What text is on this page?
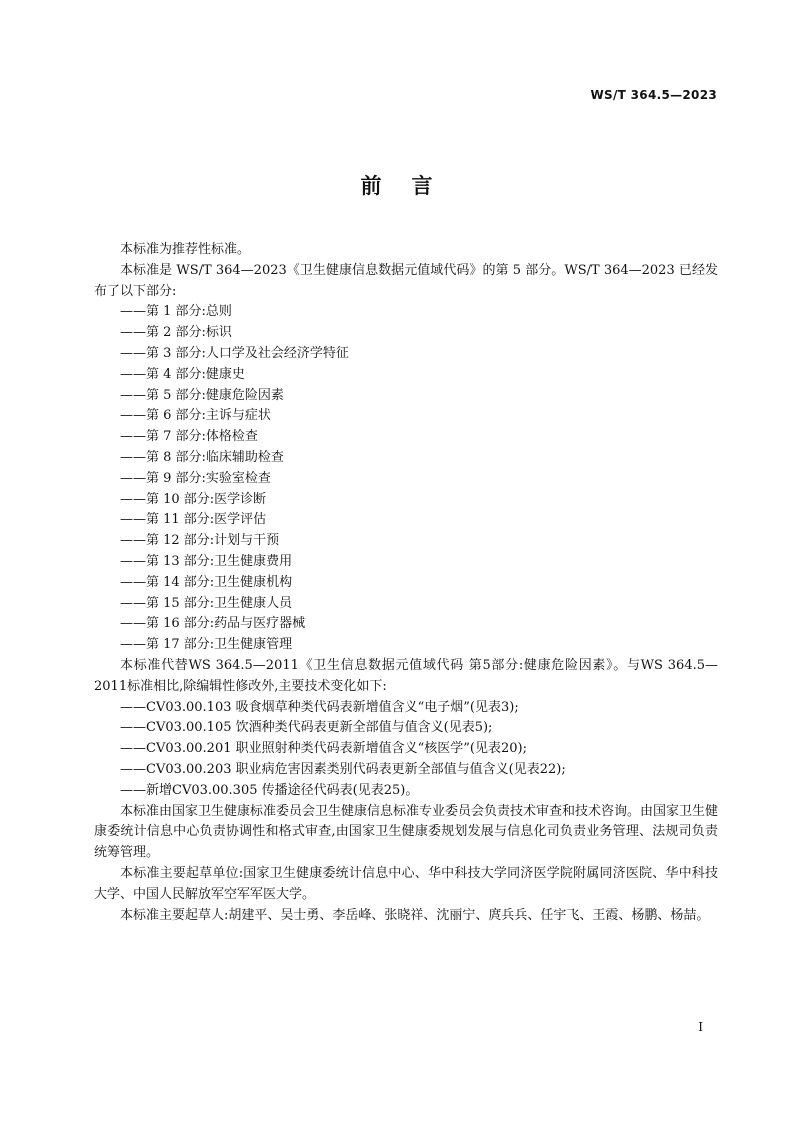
WS/T 364.5—2023
前言

本标准为推荐性标准。

本标准是 WS/T 364—2023《卫生健康信息数据元值域代码》的第 5 部分。WS/T 364—2023 已经发布了以下部分:

——第 1 部分:总则

——第 2 部分:标识

——第 3 部分:人口学及社会经济学特征

——第 4 部分:健康史

——第 5 部分:健康危险因素

——第 6 部分:主诉与症状

——第 7 部分:体格检查

——第 8 部分:临床辅助检查

——第 9 部分:实验室检查

——第 10 部分:医学诊断

——第 11 部分:医学评估

——第 12 部分:计划与干预

——第 13 部分:卫生健康费用

——第 14 部分:卫生健康机构

——第 15 部分:卫生健康人员

——第 16 部分:药品与医疗器械

——第 17 部分:卫生健康管理

本标准代替WS 364.5—2011《卫生信息数据元值域代码 第5部分:健康危险因素》。与WS 364.5—2011标准相比,除编辑性修改外,主要技术变化如下:

——CV03.00.103 吸食烟草种类代码表新增值含义“电子烟”(见表3);

——CV03.00.105 饮酒种类代码表更新全部值与值含义(见表5);

——CV03.00.201 职业照射种类代码表新增值含义“核医学”(见表20);

——CV03.00.203 职业病危害因素类别代码表更新全部值与值含义(见表22);

——新增CV03.00.305 传播途径代码表(见表25)。

本标准由国家卫生健康标准委员会卫生健康信息标准专业委员会负责技术审查和技术咨询。由国家卫生健康委统计信息中心负责协调性和格式审查,由国家卫生健康委规划发展与信息化司负责业务管理、法规司负责统筹管理。

本标准主要起草单位:国家卫生健康委统计信息中心、华中科技大学同济医学院附属同济医院、华中科技大学、中国人民解放军空军军医大学。

本标准主要起草人:胡建平、吴士勇、李岳峰、张晓祥、沈丽宁、庹兵兵、任宇飞、王霞、杨鹏、杨喆。

I
